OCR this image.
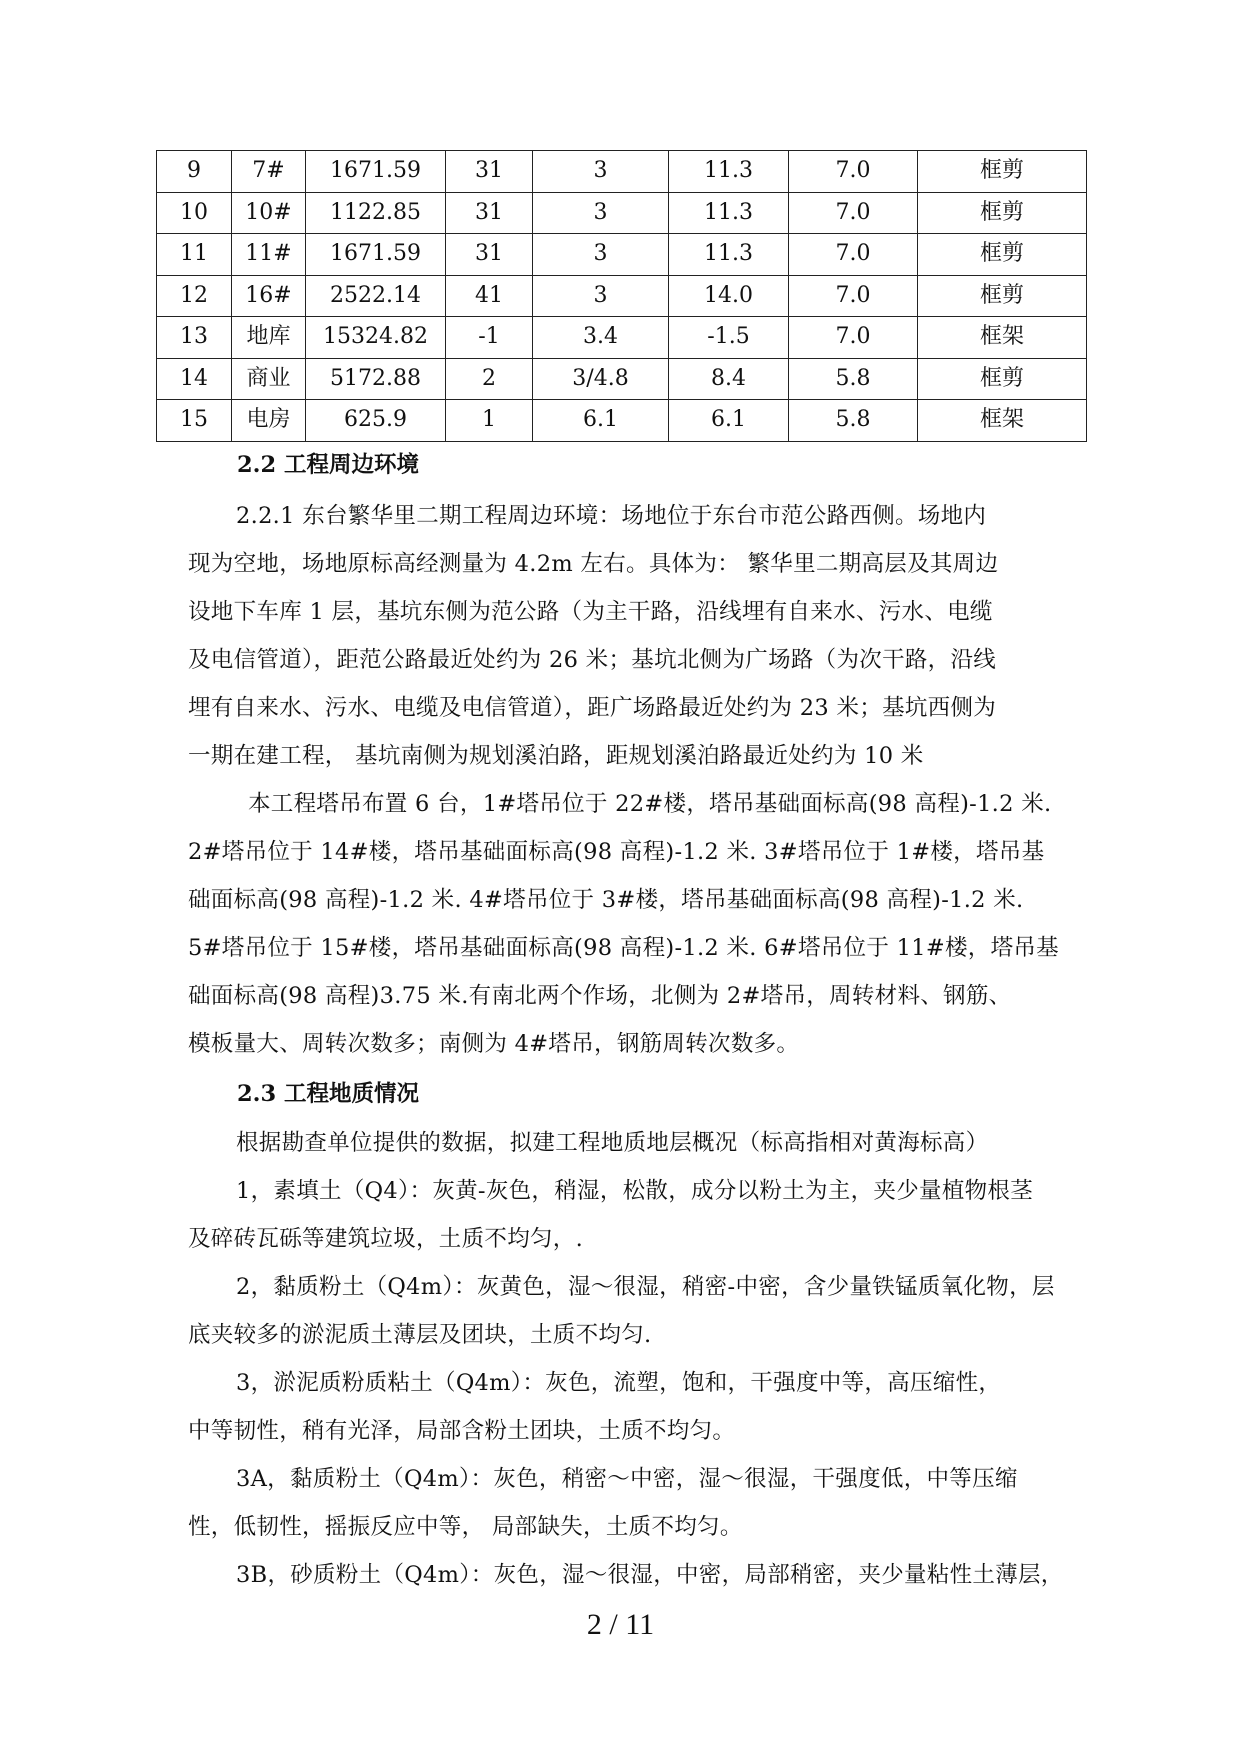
9	7#	1671.59	31	3	11.3	7.0	框剪
10	10#	1122.85	31	3	11.3	7.0	框剪
11	11#	1671.59	31	3	11.3	7.0	框剪
12	16#	2522.14	41	3	14.0	7.0	框剪
13	地库	15324.82	-1	3.4	-1.5	7.0	框架
14	商业	5172.88	2	3/4.8	8.4	5.8	框剪
15	电房	625.9	1	6.1	6.1	5.8	框架

2.2 工程周边环境

2.2.1 东台繁华里二期工程周边环境：场地位于东台市范公路西侧。场地内
现为空地，场地原标高经测量为 4.2m 左右。具体为： 繁华里二期高层及其周边
设地下车库 1 层，基坑东侧为范公路（为主干路，沿线埋有自来水、污水、电缆
及电信管道），距范公路最近处约为 26 米；基坑北侧为广场路（为次干路，沿线
埋有自来水、污水、电缆及电信管道），距广场路最近处约为 23 米；基坑西侧为
一期在建工程， 基坑南侧为规划溪泊路，距规划溪泊路最近处约为 10 米
本工程塔吊布置 6 台，1#塔吊位于 22#楼，塔吊基础面标高(98 高程)-1.2 米.
2#塔吊位于 14#楼，塔吊基础面标高(98 高程)-1.2 米. 3#塔吊位于 1#楼，塔吊基
础面标高(98 高程)-1.2 米. 4#塔吊位于 3#楼，塔吊基础面标高(98 高程)-1.2 米.
5#塔吊位于 15#楼，塔吊基础面标高(98 高程)-1.2 米. 6#塔吊位于 11#楼，塔吊基
础面标高(98 高程)3.75 米.有南北两个作场，北侧为 2#塔吊，周转材料、钢筋、
模板量大、周转次数多；南侧为 4#塔吊，钢筋周转次数多。

2.3 工程地质情况

根据勘查单位提供的数据，拟建工程地质地层概况（标高指相对黄海标高）
1，素填土（Q4）：灰黄-灰色，稍湿，松散，成分以粉土为主，夹少量植物根茎
及碎砖瓦砾等建筑垃圾，土质不均匀，.
2，黏质粉土（Q4m）：灰黄色，湿～很湿，稍密-中密，含少量铁锰质氧化物，层
底夹较多的淤泥质土薄层及团块，土质不均匀.
3，淤泥质粉质粘土（Q4m）：灰色，流塑，饱和，干强度中等，高压缩性，
中等韧性，稍有光泽，局部含粉土团块，土质不均匀。
3A，黏质粉土（Q4m）：灰色，稍密～中密，湿～很湿，干强度低，中等压缩
性，低韧性，摇振反应中等， 局部缺失，土质不均匀。
3B，砂质粉土（Q4m）：灰色，湿～很湿，中密，局部稍密，夹少量粘性土薄层，
2 / 11
